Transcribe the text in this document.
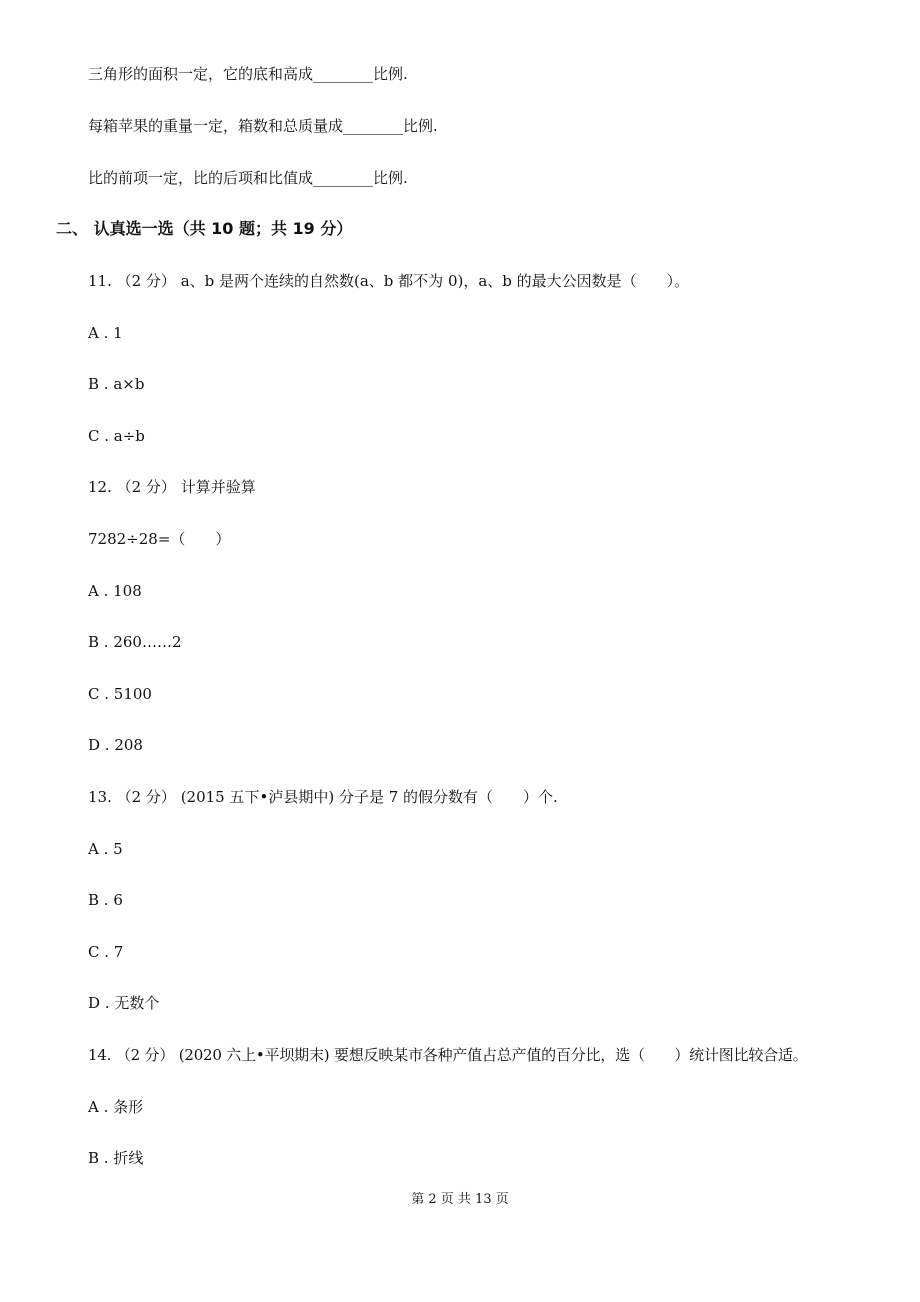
三角形的面积一定，它的底和高成________比例.
每箱苹果的重量一定，箱数和总质量成________比例.
比的前项一定，比的后项和比值成________比例.
二、 认真选一选（共 10 题；共 19 分）
11. （2 分） a、b 是两个连续的自然数(a、b 都不为 0)，a、b 的最大公因数是（　　）。
A . 1
B . a×b
C . a÷b
12. （2 分） 计算并验算
7282÷28=（　　）
A . 108
B . 260……2
C . 5100
D . 208
13. （2 分） (2015 五下•泸县期中) 分子是 7 的假分数有（　　）个.
A . 5
B . 6
C . 7
D . 无数个
14. （2 分） (2020 六上•平坝期末) 要想反映某市各种产值占总产值的百分比，选（　　）统计图比较合适。
A . 条形
B . 折线
第 2 页 共 13 页
